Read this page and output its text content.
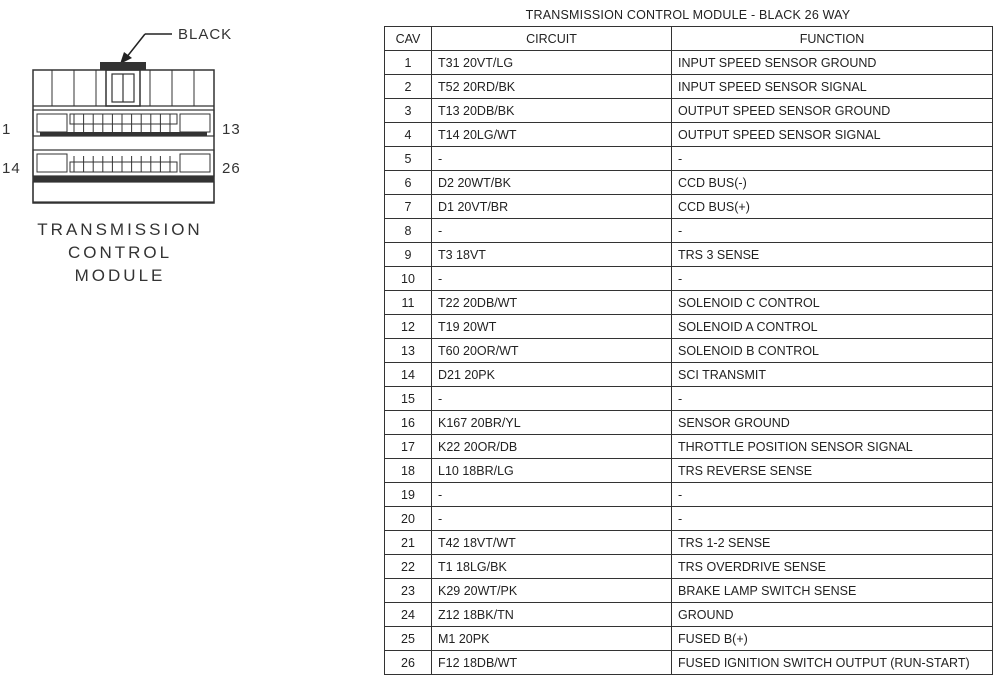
BLACK
1	13
14	26
TRANSMISSION
CONTROL
MODULE
TRANSMISSION CONTROL MODULE - BLACK 26 WAY
CAV	CIRCUIT	FUNCTION
1	T31 20VT/LG	INPUT SPEED SENSOR GROUND
2	T52 20RD/BK	INPUT SPEED SENSOR SIGNAL
3	T13 20DB/BK	OUTPUT SPEED SENSOR GROUND
4	T14 20LG/WT	OUTPUT SPEED SENSOR SIGNAL
5	-	-
6	D2 20WT/BK	CCD BUS(-)
7	D1 20VT/BR	CCD BUS(+)
8	-	-
9	T3 18VT	TRS 3 SENSE
10	-	-
11	T22 20DB/WT	SOLENOID C CONTROL
12	T19 20WT	SOLENOID A CONTROL
13	T60 20OR/WT	SOLENOID B CONTROL
14	D21 20PK	SCI TRANSMIT
15	-	-
16	K167 20BR/YL	SENSOR GROUND
17	K22 20OR/DB	THROTTLE POSITION SENSOR SIGNAL
18	L10 18BR/LG	TRS REVERSE SENSE
19	-	-
20	-	-
21	T42 18VT/WT	TRS 1-2 SENSE
22	T1 18LG/BK	TRS OVERDRIVE SENSE
23	K29 20WT/PK	BRAKE LAMP SWITCH SENSE
24	Z12 18BK/TN	GROUND
25	M1 20PK	FUSED B(+)
26	F12 18DB/WT	FUSED IGNITION SWITCH OUTPUT (RUN-START)
